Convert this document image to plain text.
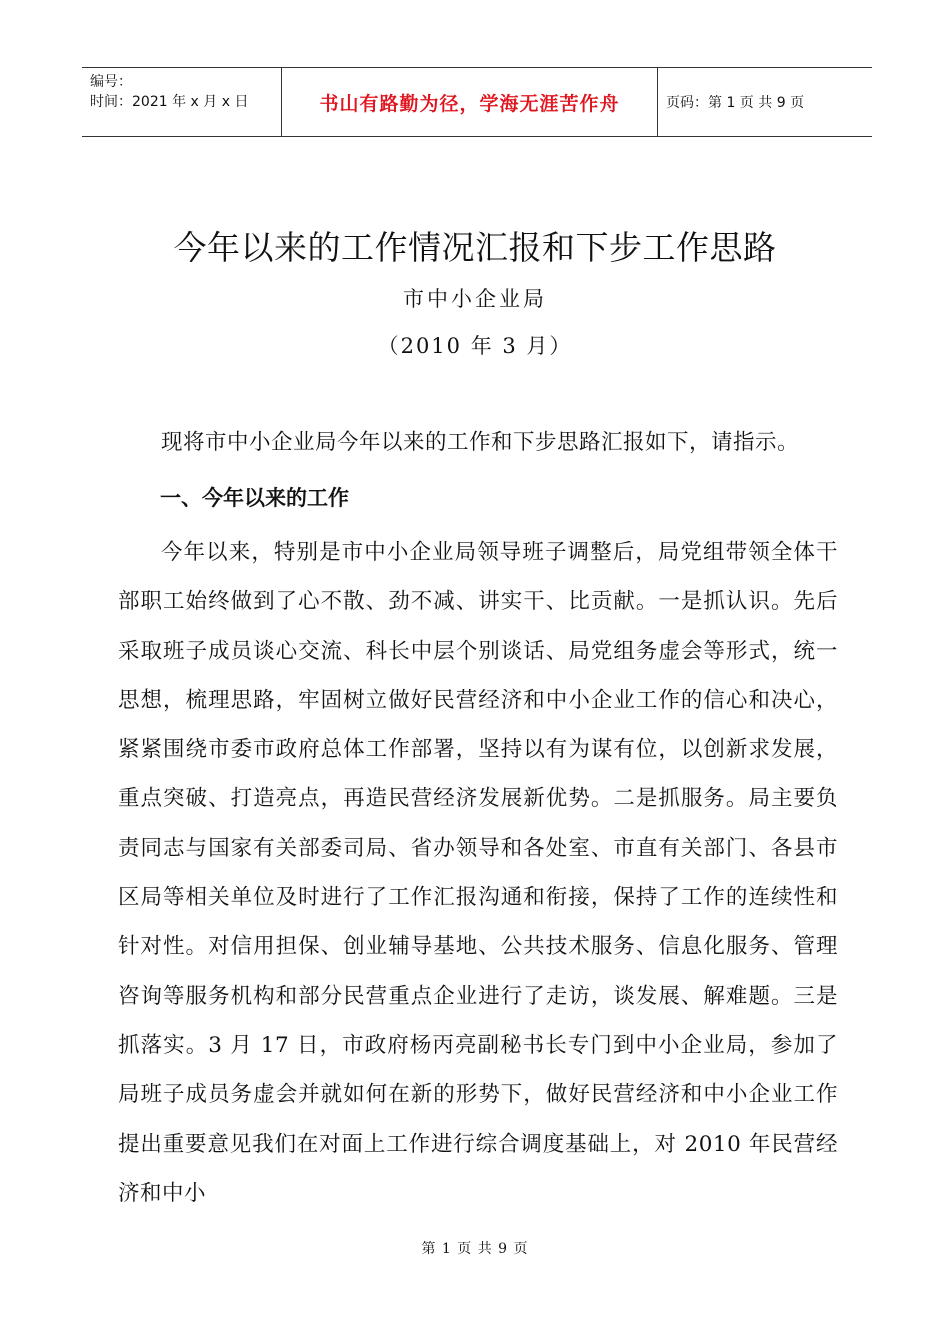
编号：
时间：2021 年 x 月 x 日	书山有路勤为径，学海无涯苦作舟	页码：第 1 页 共 9 页
今年以来的工作情况汇报和下步工作思路
市中小企业局
（2010 年 3 月）
现将市中小企业局今年以来的工作和下步思路汇报如下，请指示。
一、今年以来的工作
今年以来，特别是市中小企业局领导班子调整后，局党组带领全体干部职工始终做到了心不散、劲不减、讲实干、比贡献。一是抓认识。先后采取班子成员谈心交流、科长中层个别谈话、局党组务虚会等形式，统一思想，梳理思路，牢固树立做好民营经济和中小企业工作的信心和决心，紧紧围绕市委市政府总体工作部署，坚持以有为谋有位，以创新求发展，重点突破、打造亮点，再造民营经济发展新优势。二是抓服务。局主要负责同志与国家有关部委司局、省办领导和各处室、市直有关部门、各县市区局等相关单位及时进行了工作汇报沟通和衔接，保持了工作的连续性和针对性。对信用担保、创业辅导基地、公共技术服务、信息化服务、管理咨询等服务机构和部分民营重点企业进行了走访，谈发展、解难题。三是抓落实。3 月 17 日，市政府杨丙亮副秘书长专门到中小企业局，参加了局班子成员务虚会并就如何在新的形势下，做好民营经济和中小企业工作提出重要意见我们在对面上工作进行综合调度基础上，对 2010 年民营经济和中小
第 1 页 共 9 页
